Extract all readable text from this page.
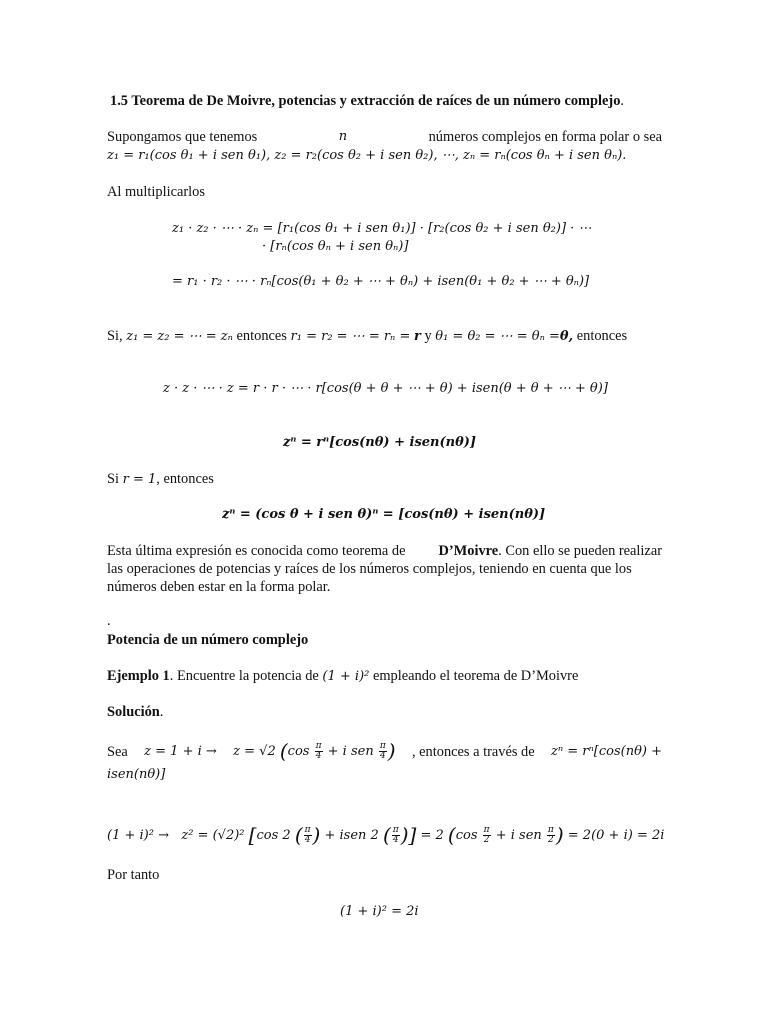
1.5 Teorema de De Moivre, potencias y extracción de raíces de un número complejo.
Supongamos que tenemos	n	números complejos en forma polar o sea
z₁ = r₁(cos θ₁ + i sen θ₁), z₂ = r₂(cos θ₂ + i sen θ₂), ⋯, zₙ = rₙ(cos θₙ + i sen θₙ).
Al multiplicarlos
z₁ · z₂ · ⋯ · zₙ = [r₁(cos θ₁ + i sen θ₁)] · [r₂(cos θ₂ + i sen θ₂)] · ⋯
· [rₙ(cos θₙ + i sen θₙ)]
= r₁ · r₂ · ⋯ · rₙ[cos(θ₁ + θ₂ + ⋯ + θₙ) + isen(θ₁ + θ₂ + ⋯ + θₙ)]
Si, z₁ = z₂ = ⋯ = zₙ entonces r₁ = r₂ = ⋯ = rₙ = r y θ₁ = θ₂ = ⋯ = θₙ =θ, entonces
z · z · ⋯ · z = r · r · ⋯ · r[cos(θ + θ + ⋯ + θ) + isen(θ + θ + ⋯ + θ)]
zⁿ = rⁿ[cos(nθ) + isen(nθ)]
Si r = 1, entonces
zⁿ = (cos θ + i sen θ)ⁿ = [cos(nθ) + isen(nθ)]
Esta última expresión es conocida como teorema de D’Moivre. Con ello se pueden realizar
las operaciones de potencias y raíces de los números complejos, teniendo en cuenta que los
números deben estar en la forma polar.
.
Potencia de un número complejo
Ejemplo 1. Encuentre la potencia de (1 + i)² empleando el teorema de D’Moivre
Solución.
Sea z = 1 + i → z = √2 ($\cos \frac{\pi}{4} + i$ sen $\frac{\pi}{4}$ ) , entonces a través de zⁿ = rⁿ[cos(nθ) +
isen(nθ)]
(1 + i)² → z² = (√2)² [cos 2 ( $\frac{\pi}{4}$ ) + isen 2 ( $\frac{\pi}{4}$ )] = 2 ($\cos \frac{\pi}{2} + i$ sen $\frac{\pi}{2}$ ) = 2(0 + i) = 2i
Por tanto
(1 + i)² = 2i
